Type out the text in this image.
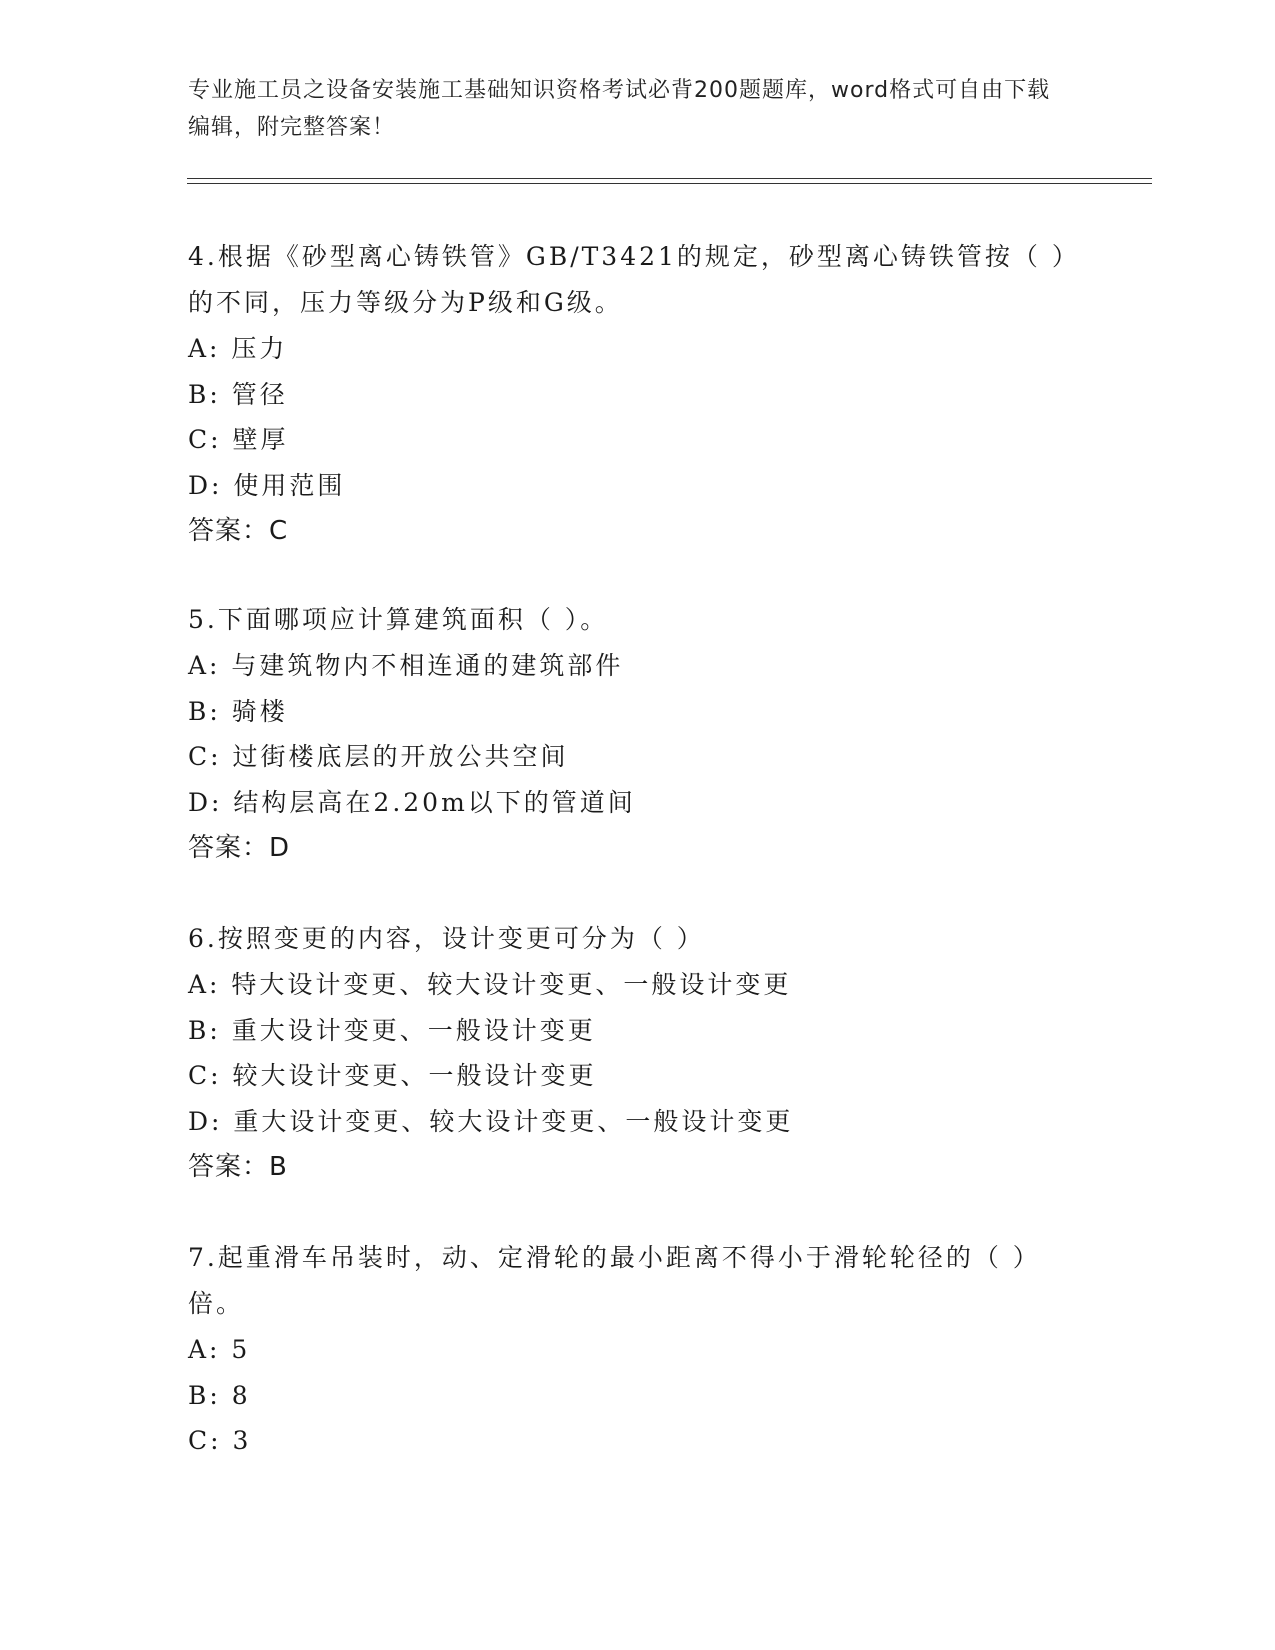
专业施工员之设备安装施工基础知识资格考试必背200题题库，word格式可自由下载编辑，附完整答案！

4.根据《砂型离心铸铁管》GB/T3421的规定，砂型离心铸铁管按（ ）的不同，压力等级分为P级和G级。

A: 压力

B: 管径

C: 壁厚

D: 使用范围

答案：C

5.下面哪项应计算建筑面积（ ）。

A: 与建筑物内不相连通的建筑部件

B: 骑楼

C: 过街楼底层的开放公共空间

D: 结构层高在2.20m以下的管道间

答案：D

6.按照变更的内容，设计变更可分为（ ）

A: 特大设计变更、较大设计变更、一般设计变更

B: 重大设计变更、一般设计变更

C: 较大设计变更、一般设计变更

D: 重大设计变更、较大设计变更、一般设计变更

答案：B

7.起重滑车吊装时，动、定滑轮的最小距离不得小于滑轮轮径的（ ）倍。

A: 5

B: 8

C: 3
